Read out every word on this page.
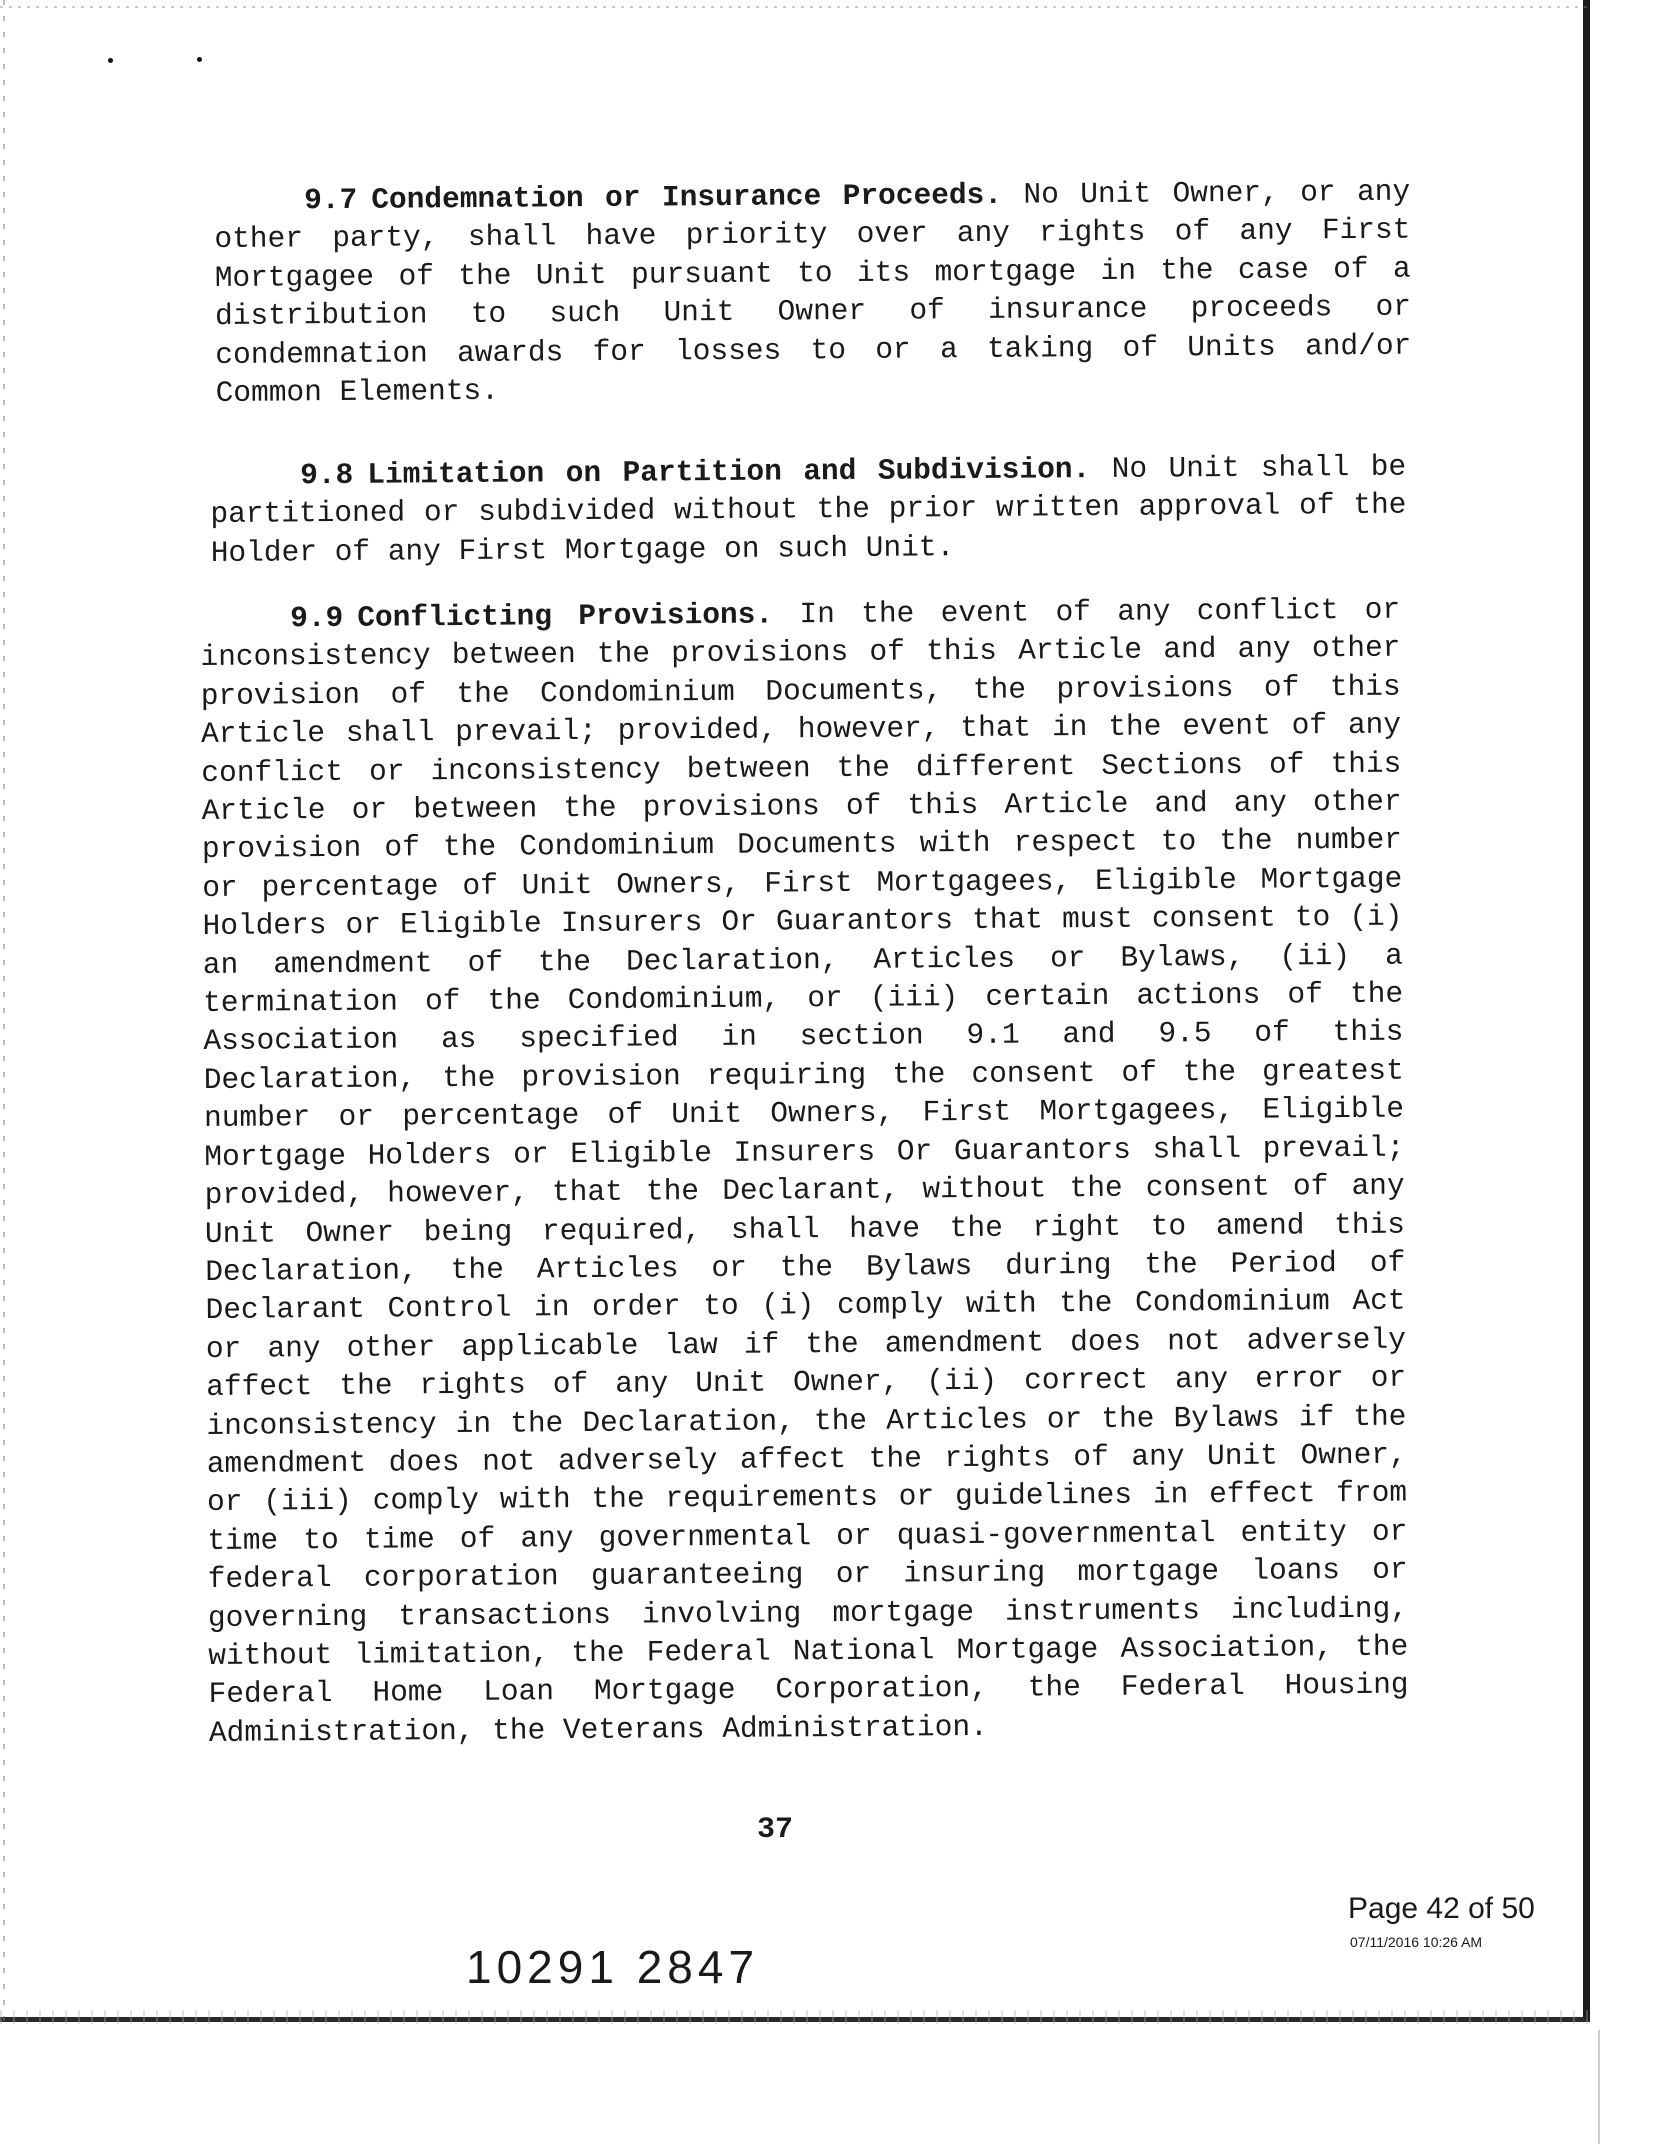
9.7 Condemnation or Insurance Proceeds. No Unit Owner, or any other party, shall have priority over any rights of any First Mortgagee of the Unit pursuant to its mortgage in the case of a distribution to such Unit Owner of insurance proceeds or condemnation awards for losses to or a taking of Units and/or Common Elements.

9.8 Limitation on Partition and Subdivision. No Unit shall be partitioned or subdivided without the prior written approval of the Holder of any First Mortgage on such Unit.

9.9 Conflicting Provisions. In the event of any conflict or inconsistency between the provisions of this Article and any other provision of the Condominium Documents, the provisions of this Article shall prevail; provided, however, that in the event of any conflict or inconsistency between the different Sections of this Article or between the provisions of this Article and any other provision of the Condominium Documents with respect to the number or percentage of Unit Owners, First Mortgagees, Eligible Mortgage Holders or Eligible Insurers Or Guarantors that must consent to (i) an amendment of the Declaration, Articles or Bylaws, (ii) a termination of the Condominium, or (iii) certain actions of the Association as specified in section 9.1 and 9.5 of this Declaration, the provision requiring the consent of the greatest number or percentage of Unit Owners, First Mortgagees, Eligible Mortgage Holders or Eligible Insurers Or Guarantors shall prevail; provided, however, that the Declarant, without the consent of any Unit Owner being required, shall have the right to amend this Declaration, the Articles or the Bylaws during the Period of Declarant Control in order to (i) comply with the Condominium Act or any other applicable law if the amendment does not adversely affect the rights of any Unit Owner, (ii) correct any error or inconsistency in the Declaration, the Articles or the Bylaws if the amendment does not adversely affect the rights of any Unit Owner, or (iii) comply with the requirements or guidelines in effect from time to time of any governmental or quasi-governmental entity or federal corporation guaranteeing or insuring mortgage loans or governing transactions involving mortgage instruments including, without limitation, the Federal National Mortgage Association, the Federal Home Loan Mortgage Corporation, the Federal Housing Administration, the Veterans Administration.

37
Page 42 of 50
07/11/2016 10:26 AM
10291 2847
